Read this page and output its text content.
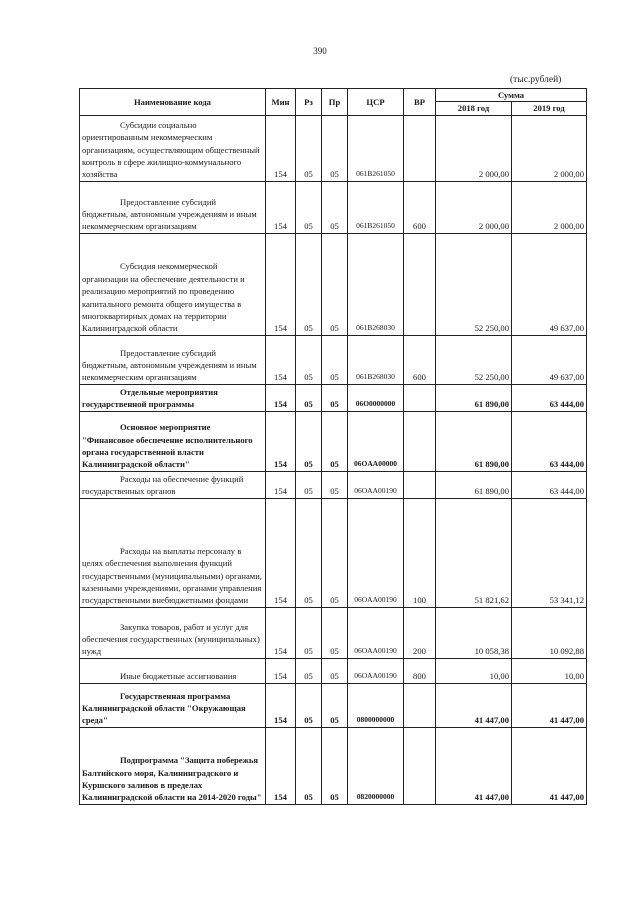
390
(тыс.рублей)
Наименование кода	Мин	Рз	Пр	ЦСР	ВР	Сумма	
						2018 год	2019 год
Субсидии социально ориентированным некоммерческим организациям, осуществляющим общественный контроль в сфере жилищно-коммунального хозяйства	154	05	05	061B261050		2 000,00	2 000,00
Предоставление субсидий бюджетным, автономным учреждениям и иным некоммерческим организациям	154	05	05	061B261050	600	2 000,00	2 000,00
Субсидия некоммерческой организации на обеспечение деятельности и реализацию мероприятий по проведению капитального ремонта общего имущества в многоквартирных домах на территории Калининградской области	154	05	05	061B268030		52 250,00	49 637,00
Предоставление субсидий бюджетным, автономным учреждениям и иным некоммерческим организациям	154	05	05	061B268030	600	52 250,00	49 637,00
Отдельные мероприятия государственной программы	154	05	05	06O0000000		61 890,00	63 444,00
Основное мероприятие "Финансовое обеспечение исполнительного органа государственной власти Калининградской области"	154	05	05	06OAA00000		61 890,00	63 444,00
Расходы на обеспечение функций государственных органов	154	05	05	06OAA00190		61 890,00	63 444,00
Расходы на выплаты персоналу в целях обеспечения выполнения функций государственными (муниципальными) органами, казенными учреждениями, органами управления государственными внебюджетными фондами	154	05	05	06OAA00190	100	51 821,62	53 341,12
Закупка товаров, работ и услуг для обеспечения государственных (муниципальных) нужд	154	05	05	06OAA00190	200	10 058,38	10 092,88
Иные бюджетные ассигнования	154	05	05	06OAA00190	800	10,00	10,00
Государственная программа Калининградской области "Окружающая среда"	154	05	05	0800000000		41 447,00	41 447,00
Подпрограмма "Защита побережья Балтийского моря, Калининградского и Куршского заливов в пределах Калининградской области на 2014-2020 годы"	154	05	05	0820000000		41 447,00	41 447,00
